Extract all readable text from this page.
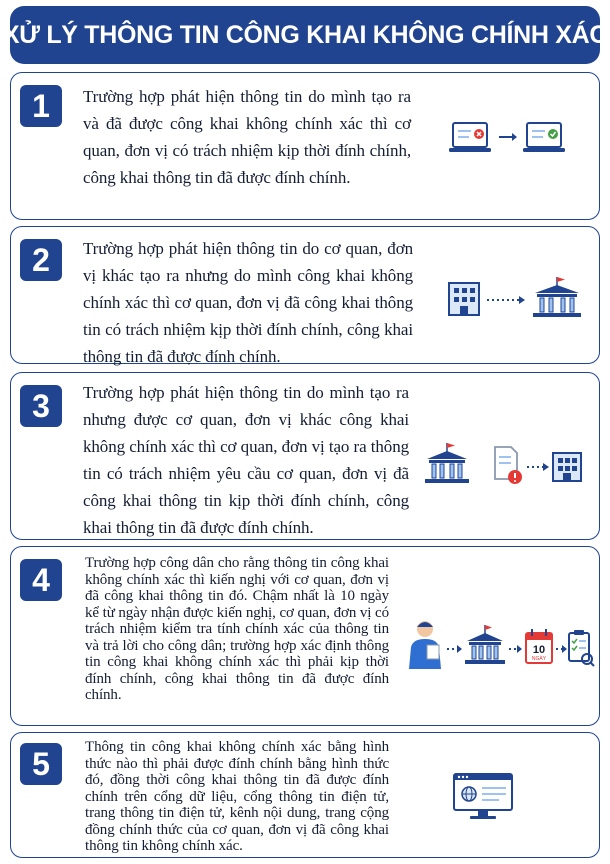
XỬ LÝ THÔNG TIN CÔNG KHAI KHÔNG CHÍNH XÁC
1	Trường hợp phát hiện thông tin do mình tạo ra và đã được công khai không chính xác thì cơ quan, đơn vị có trách nhiệm kịp thời đính chính, công khai thông tin đã được đính chính.
2	Trường hợp phát hiện thông tin do cơ quan, đơn vị khác tạo ra nhưng do mình công khai không chính xác thì cơ quan, đơn vị đã công khai thông tin có trách nhiệm kịp thời đính chính, công khai thông tin đã được đính chính.
3	Trường hợp phát hiện thông tin do mình tạo ra nhưng được cơ quan, đơn vị khác công khai không chính xác thì cơ quan, đơn vị tạo ra thông tin có trách nhiệm yêu cầu cơ quan, đơn vị đã công khai thông tin kịp thời đính chính, công khai thông tin đã được đính chính.
4	Trường hợp công dân cho rằng thông tin công khai không chính xác thì kiến nghị với cơ quan, đơn vị đã công khai thông tin đó. Chậm nhất là 10 ngày kể từ ngày nhận được kiến nghị, cơ quan, đơn vị có trách nhiệm kiểm tra tính chính xác của thông tin và trả lời cho công dân; trường hợp xác định thông tin công khai không chính xác thì phải kịp thời đính chính, công khai thông tin đã được đính chính.
10
NGÀY
5	Thông tin công khai không chính xác bằng hình thức nào thì phải được đính chính bằng hình thức đó, đồng thời công khai thông tin đã được đính chính trên cổng dữ liệu, cổng thông tin điện tử, trang thông tin điện tử, kênh nội dung, trang cộng đồng chính thức của cơ quan, đơn vị đã công khai thông tin không chính xác.
